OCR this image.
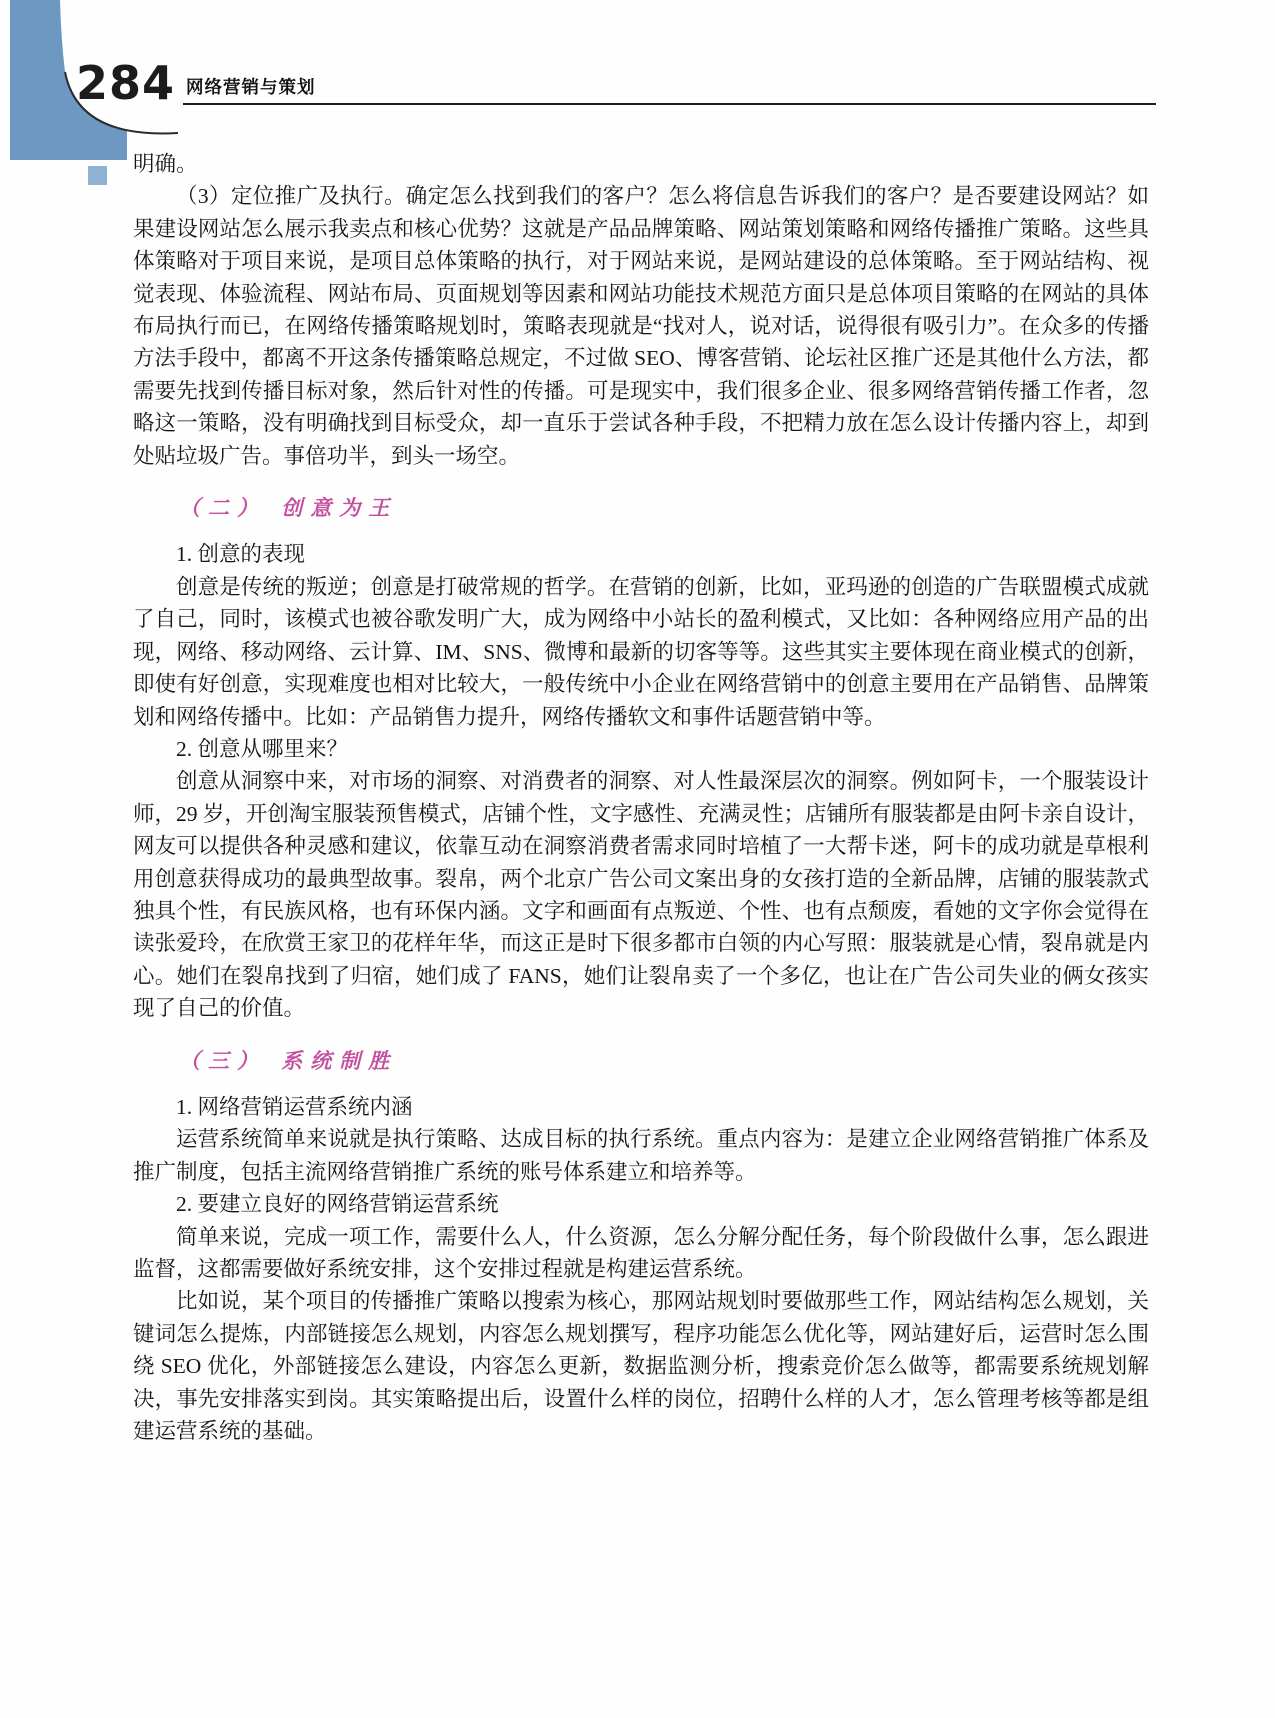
284 网络营销与策划

明确。

（3）定位推广及执行。确定怎么找到我们的客户？怎么将信息告诉我们的客户？是否要建设网站？如果建设网站怎么展示我卖点和核心优势？这就是产品品牌策略、网站策划策略和网络传播推广策略。这些具体策略对于项目来说，是项目总体策略的执行，对于网站来说，是网站建设的总体策略。至于网站结构、视觉表现、体验流程、网站布局、页面规划等因素和网站功能技术规范方面只是总体项目策略的在网站的具体布局执行而已，在网络传播策略规划时，策略表现就是“找对人，说对话，说得很有吸引力”。在众多的传播方法手段中，都离不开这条传播策略总规定，不过做 SEO、博客营销、论坛社区推广还是其他什么方法，都需要先找到传播目标对象，然后针对性的传播。可是现实中，我们很多企业、很多网络营销传播工作者，忽略这一策略，没有明确找到目标受众，却一直乐于尝试各种手段，不把精力放在怎么设计传播内容上，却到处贴垃圾广告。事倍功半，到头一场空。

（二） 创意为王

1. 创意的表现

创意是传统的叛逆；创意是打破常规的哲学。在营销的创新，比如，亚玛逊的创造的广告联盟模式成就了自己，同时，该模式也被谷歌发明广大，成为网络中小站长的盈利模式，又比如：各种网络应用产品的出现，网络、移动网络、云计算、IM、SNS、微博和最新的切客等等。这些其实主要体现在商业模式的创新，即使有好创意，实现难度也相对比较大，一般传统中小企业在网络营销中的创意主要用在产品销售、品牌策划和网络传播中。比如：产品销售力提升，网络传播软文和事件话题营销中等。

2. 创意从哪里来？

创意从洞察中来，对市场的洞察、对消费者的洞察、对人性最深层次的洞察。例如阿卡，一个服装设计师，29 岁，开创淘宝服装预售模式，店铺个性，文字感性、充满灵性；店铺所有服装都是由阿卡亲自设计，网友可以提供各种灵感和建议，依靠互动在洞察消费者需求同时培植了一大帮卡迷，阿卡的成功就是草根利用创意获得成功的最典型故事。裂帛，两个北京广告公司文案出身的女孩打造的全新品牌，店铺的服装款式独具个性，有民族风格，也有环保内涵。文字和画面有点叛逆、个性、也有点颓废，看她的文字你会觉得在读张爱玲，在欣赏王家卫的花样年华，而这正是时下很多都市白领的内心写照：服装就是心情，裂帛就是内心。她们在裂帛找到了归宿，她们成了 FANS，她们让裂帛卖了一个多亿，也让在广告公司失业的俩女孩实现了自己的价值。

（三） 系统制胜

1. 网络营销运营系统内涵

运营系统简单来说就是执行策略、达成目标的执行系统。重点内容为：是建立企业网络营销推广体系及推广制度，包括主流网络营销推广系统的账号体系建立和培养等。

2. 要建立良好的网络营销运营系统

简单来说，完成一项工作，需要什么人，什么资源，怎么分解分配任务，每个阶段做什么事，怎么跟进监督，这都需要做好系统安排，这个安排过程就是构建运营系统。

比如说，某个项目的传播推广策略以搜索为核心，那网站规划时要做那些工作，网站结构怎么规划，关键词怎么提炼，内部链接怎么规划，内容怎么规划撰写，程序功能怎么优化等，网站建好后，运营时怎么围绕 SEO 优化，外部链接怎么建设，内容怎么更新，数据监测分析，搜索竞价怎么做等，都需要系统规划解决，事先安排落实到岗。其实策略提出后，设置什么样的岗位，招聘什么样的人才，怎么管理考核等都是组建运营系统的基础。
